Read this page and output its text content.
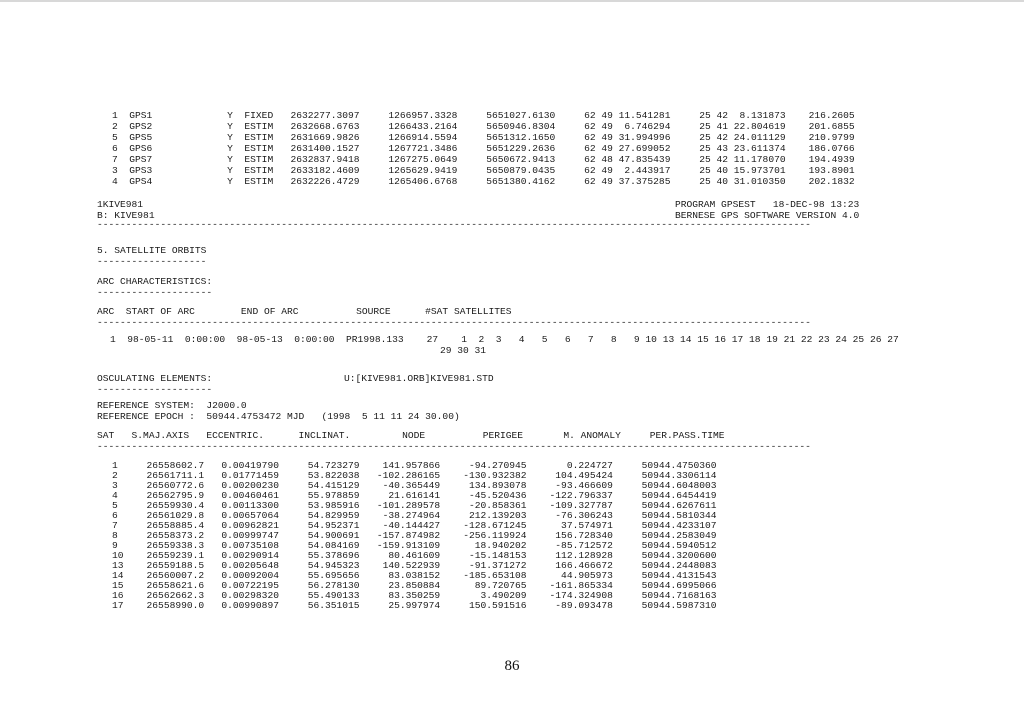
1  GPS1             Y  FIXED   2632277.3097     1266957.3328     5651027.6130     62 49 11.541281     25 42  8.131873    216.2605
2  GPS2             Y  ESTIM   2632668.6763     1266433.2164     5650946.8304     62 49  6.746294     25 41 22.804619    201.6855
5  GPS5             Y  ESTIM   2631669.9826     1266914.5594     5651312.1650     62 49 31.994996     25 42 24.011129    210.9799
6  GPS6             Y  ESTIM   2631400.1527     1267721.3486     5651229.2636     62 49 27.699052     25 43 23.611374    186.0766
7  GPS7             Y  ESTIM   2632837.9418     1267275.0649     5650672.9413     62 48 47.835439     25 42 11.178070    194.4939
3  GPS3             Y  ESTIM   2633182.4609     1265629.9419     5650879.0435     62 49  2.443917     25 40 15.973701    193.8901
4  GPS4             Y  ESTIM   2632226.4729     1265406.6768     5651380.4162     62 49 37.375285     25 40 31.010350    202.1832
1KIVE981
B: KIVE981
PROGRAM GPSEST   18-DEC-98 13:23
BERNESE GPS SOFTWARE VERSION 4.0
----------------------------------------------------------------------------------------------------------------------------
5. SATELLITE ORBITS
-------------------
ARC CHARACTERISTICS:
--------------------
ARC  START OF ARC        END OF ARC          SOURCE      #SAT SATELLITES
----------------------------------------------------------------------------------------------------------------------------
1  98-05-11  0:00:00  98-05-13  0:00:00  PR1998.133    27    1  2  3   4   5   6   7   8   9 10 13 14 15 16 17 18 19 21 22 23 24 25 26 27
29 30 31
OSCULATING ELEMENTS:	U:[KIVE981.ORB]KIVE981.STD
--------------------
REFERENCE SYSTEM:  J2000.0
REFERENCE EPOCH :  50944.4753472 MJD   (1998  5 11 11 24 30.00)
SAT   S.MAJ.AXIS   ECCENTRIC.      INCLINAT.         NODE          PERIGEE       M. ANOMALY     PER.PASS.TIME
----------------------------------------------------------------------------------------------------------------------------
1     26558602.7   0.00419790     54.723279    141.957866     -94.270945       0.224727     50944.4750360
2     26561711.1   0.01771459     53.822038   -102.286165    -130.932382     104.495424     50944.3306114
3     26560772.6   0.00200230     54.415129    -40.365449     134.893078     -93.466609     50944.6048003
4     26562795.9   0.00460461     55.978859     21.616141     -45.520436    -122.796337     50944.6454419
5     26559930.4   0.00113300     53.985916   -101.289578     -20.858361    -109.327787     50944.6267611
6     26561029.8   0.00657064     54.829959    -38.274964     212.139203     -76.306243     50944.5810344
7     26558885.4   0.00962821     54.952371    -40.144427    -128.671245      37.574971     50944.4233107
8     26558373.2   0.00999747     54.900691   -157.874982    -256.119924     156.728340     50944.2583049
9     26559338.3   0.00735108     54.084169   -159.913109      18.940202     -85.712572     50944.5940512
10    26559239.1   0.00290914     55.378696     80.461609     -15.148153     112.128928     50944.3200600
13    26559188.5   0.00205648     54.945323    140.522939     -91.371272     166.466672     50944.2448083
14    26560007.2   0.00092004     55.695656     83.038152    -185.653108      44.905973     50944.4131543
15    26558621.6   0.00722195     56.278130     23.850884      89.720765    -161.865334     50944.6995066
16    26562662.3   0.00298320     55.490133     83.350259       3.490209    -174.324908     50944.7168163
17    26558990.0   0.00990897     56.351015     25.997974     150.591516     -89.093478     50944.5987310
86
